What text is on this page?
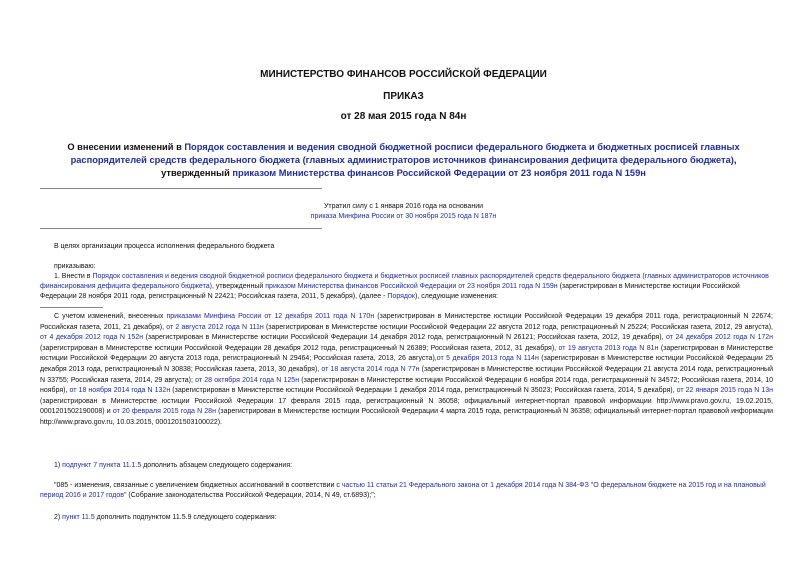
МИНИСТЕРСТВО ФИНАНСОВ РОССИЙСКОЙ ФЕДЕРАЦИИ
ПРИКАЗ
от 28 мая 2015 года N 84н
О внесении изменений в Порядок составления и ведения сводной бюджетной росписи федерального бюджета и бюджетных росписей главных распорядителей средств федерального бюджета (главных администраторов источников финансирования дефицита федерального бюджета), утвержденный приказом Министерства финансов Российской Федерации от 23 ноября 2011 года N 159н
Утратил силу с 1 января 2016 года на основании
приказа Минфина России от 30 ноября 2015 года N 187н
В целях организации процесса исполнения федерального бюджета
приказываю:
1. Внести в Порядок составления и ведения сводной бюджетной росписи федерального бюджета и бюджетных росписей главных распорядителей средств федерального бюджета (главных администраторов источников финансирования дефицита федерального бюджета), утвержденный приказом Министерства финансов Российской Федерации от 23 ноября 2011 года N 159н (зарегистрирован в Министерстве юстиции Российской Федерации 28 ноября 2011 года, регистрационный N 22421; Российская газета, 2011, 5 декабря), (далее - Порядок), следующие изменения:
С учетом изменений, внесенных приказами Минфина России от 12 декабря 2011 года N 170н (зарегистрирован в Министерстве юстиции Российской Федерации 19 декабря 2011 года, регистрационный N 22674; Российская газета, 2011, 21 декабря), от 2 августа 2012 года N 111н (зарегистрирован в Министерстве юстиции Российской Федерации 22 августа 2012 года, регистрационный N 25224; Российская газета, 2012, 29 августа), от 4 декабря 2012 года N 152н (зарегистрирован в Министерстве юстиции Российской Федерации 14 декабря 2012 года, регистрационный N 26121; Российская газета, 2012, 19 декабря), от 24 декабря 2012 года N 172н (зарегистрирован в Министерстве юстиции Российской Федерации 28 декабря 2012 года, регистрационный N 26389; Российская газета, 2012, 31 декабря), от 19 августа 2013 года N 81н (зарегистрирован в Министерстве юстиции Российской Федерации 20 августа 2013 года, регистрационный N 29464; Российская газета, 2013, 26 августа),от 5 декабря 2013 года N 114н (зарегистрирован в Министерстве юстиции Российской Федерации 25 декабря 2013 года, регистрационный N 30838; Российская газета, 2013, 30 декабря), от 18 августа 2014 года N 77н (зарегистрирован в Министерстве юстиции Российской Федерации 21 августа 2014 года, регистрационный N 33755; Российская газета, 2014, 29 августа); от 28 октября 2014 года N 125н (зарегистрирован в Министерстве юстиции Российской Федерации 6 ноября 2014 года, регистрационный N 34572; Российская газета, 2014, 10 ноября), от 18 ноября 2014 года N 132н (зарегистрирован в Министерстве юстиции Российской Федерации 1 декабря 2014 года, регистрационный N 35023; Российская газета, 2014, 5 декабря), от 22 января 2015 года N 13н (зарегистрирован в Министерстве юстиции Российской Федерации 17 февраля 2015 года, регистрационный N 36058; официальный интернет-портал правовой информации http://www.pravo.gov.ru, 19.02.2015, 0001201502190008) и от 20 февраля 2015 года N 28н (зарегистрирован в Министерстве юстиции Российской Федерации 4 марта 2015 года, регистрационный N 36358; официальный интернет-портал правовой информации http://www.pravo.gov.ru, 10.03.2015, 0001201503100022).
1) подпункт 7 пункта 11.1.5 дополнить абзацем следующего содержания:
"085 - изменения, связанные с увеличением бюджетных ассигнований в соответствии с частью 11 статьи 21 Федерального закона от 1 декабря 2014 года N 384-ФЗ "О федеральном бюджете на 2015 год и на плановый период 2016 и 2017 годов" (Собрание законодательства Российской Федерации, 2014, N 49, ст.6893);";
2) пункт 11.5 дополнить подпунктом 11.5.9 следующего содержания:
